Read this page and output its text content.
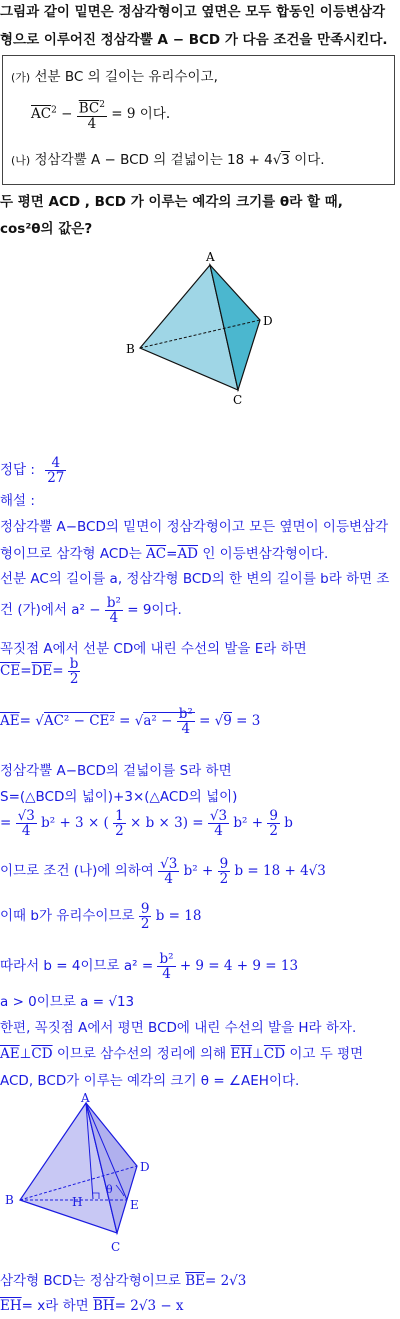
그림과 같이 밑면은 정삼각형이고 옆면은 모두 합동인 이등변삼각
형으로 이루어진 정삼각뿔 A − BCD 가 다음 조건을 만족시킨다.
(가) 선분 BC 의 길이는 유리수이고,
$\overline{AC}^2 - \frac{\overline{BC}^2}{4} = 9$ 이다.
(나) 정삼각뿔 A − BCD 의 겉넓이는 18 + 4√3 이다.
두 평면 ACD , BCD 가 이루는 예각의 크기를 θ라 할 때,
cos²θ의 값은?
A
B
C
D
정답 : $\frac{4}{27}$
해설 :
정삼각뿔 A−BCD의 밑면이 정삼각형이고 모든 옆면이 이등변삼각
형이므로 삼각형 ACD는 $\overline{AC}=\overline{AD}$ 인 이등변삼각형이다.
선분 AC의 길이를 a, 정삼각형 BCD의 한 변의 길이를 b라 하면 조
건 (가)에서 $a^2 - \frac{\text{b²}}{4} = 9$이다.
꼭짓점 A에서 선분 CD에 내린 수선의 발을 E라 하면
$\overline{CE}=\overline{DE}= \frac{b}{2}$
$\overline{AE}= √AC^2 - CE^2 = √a^2 - \frac{\text{b²}}{4} = √9 = 3$
정삼각뿔 A−BCD의 겉넓이를 S라 하면
S=(△BCD의 넓이)+3×(△ACD의 넓이)
= $\frac{√3}{4} b^2 + 3$ × ( $\frac{1}{2} \times b \times 3) = \frac{√3}{4} b^2 + \frac{9}{2}$ b
이므로 조건 (나)에 의하여 $\frac{√3}{4} b^2 + \frac{9}{2}$ b = 18 + 4√3
이때 b가 유리수이므로 $\frac{9}{2}$ b = 18
따라서 b = 4이므로 $a^2 = \frac{\text{b²}}{4} + 9 = 4 + 9 = 13$
a > 0이므로 a = √13
한편, 꼭짓점 A에서 평면 BCD에 내린 수선의 발을 H라 하자.
$\overline{AE}\perp\overline{CD}$ 이므로 삼수선의 정리에 의해 $\overline{EH}\perp\overline{CD}$ 이고 두 평면
ACD, BCD가 이루는 예각의 크기 θ = ∠AEH이다.
A
B
C
D
E
H
θ
삼각형 BCD는 정삼각형이므로 $\overline{BE}= 2√3$
$\overline{EH}= x$라 하면 $\overline{BH}= 2√3 - x$
